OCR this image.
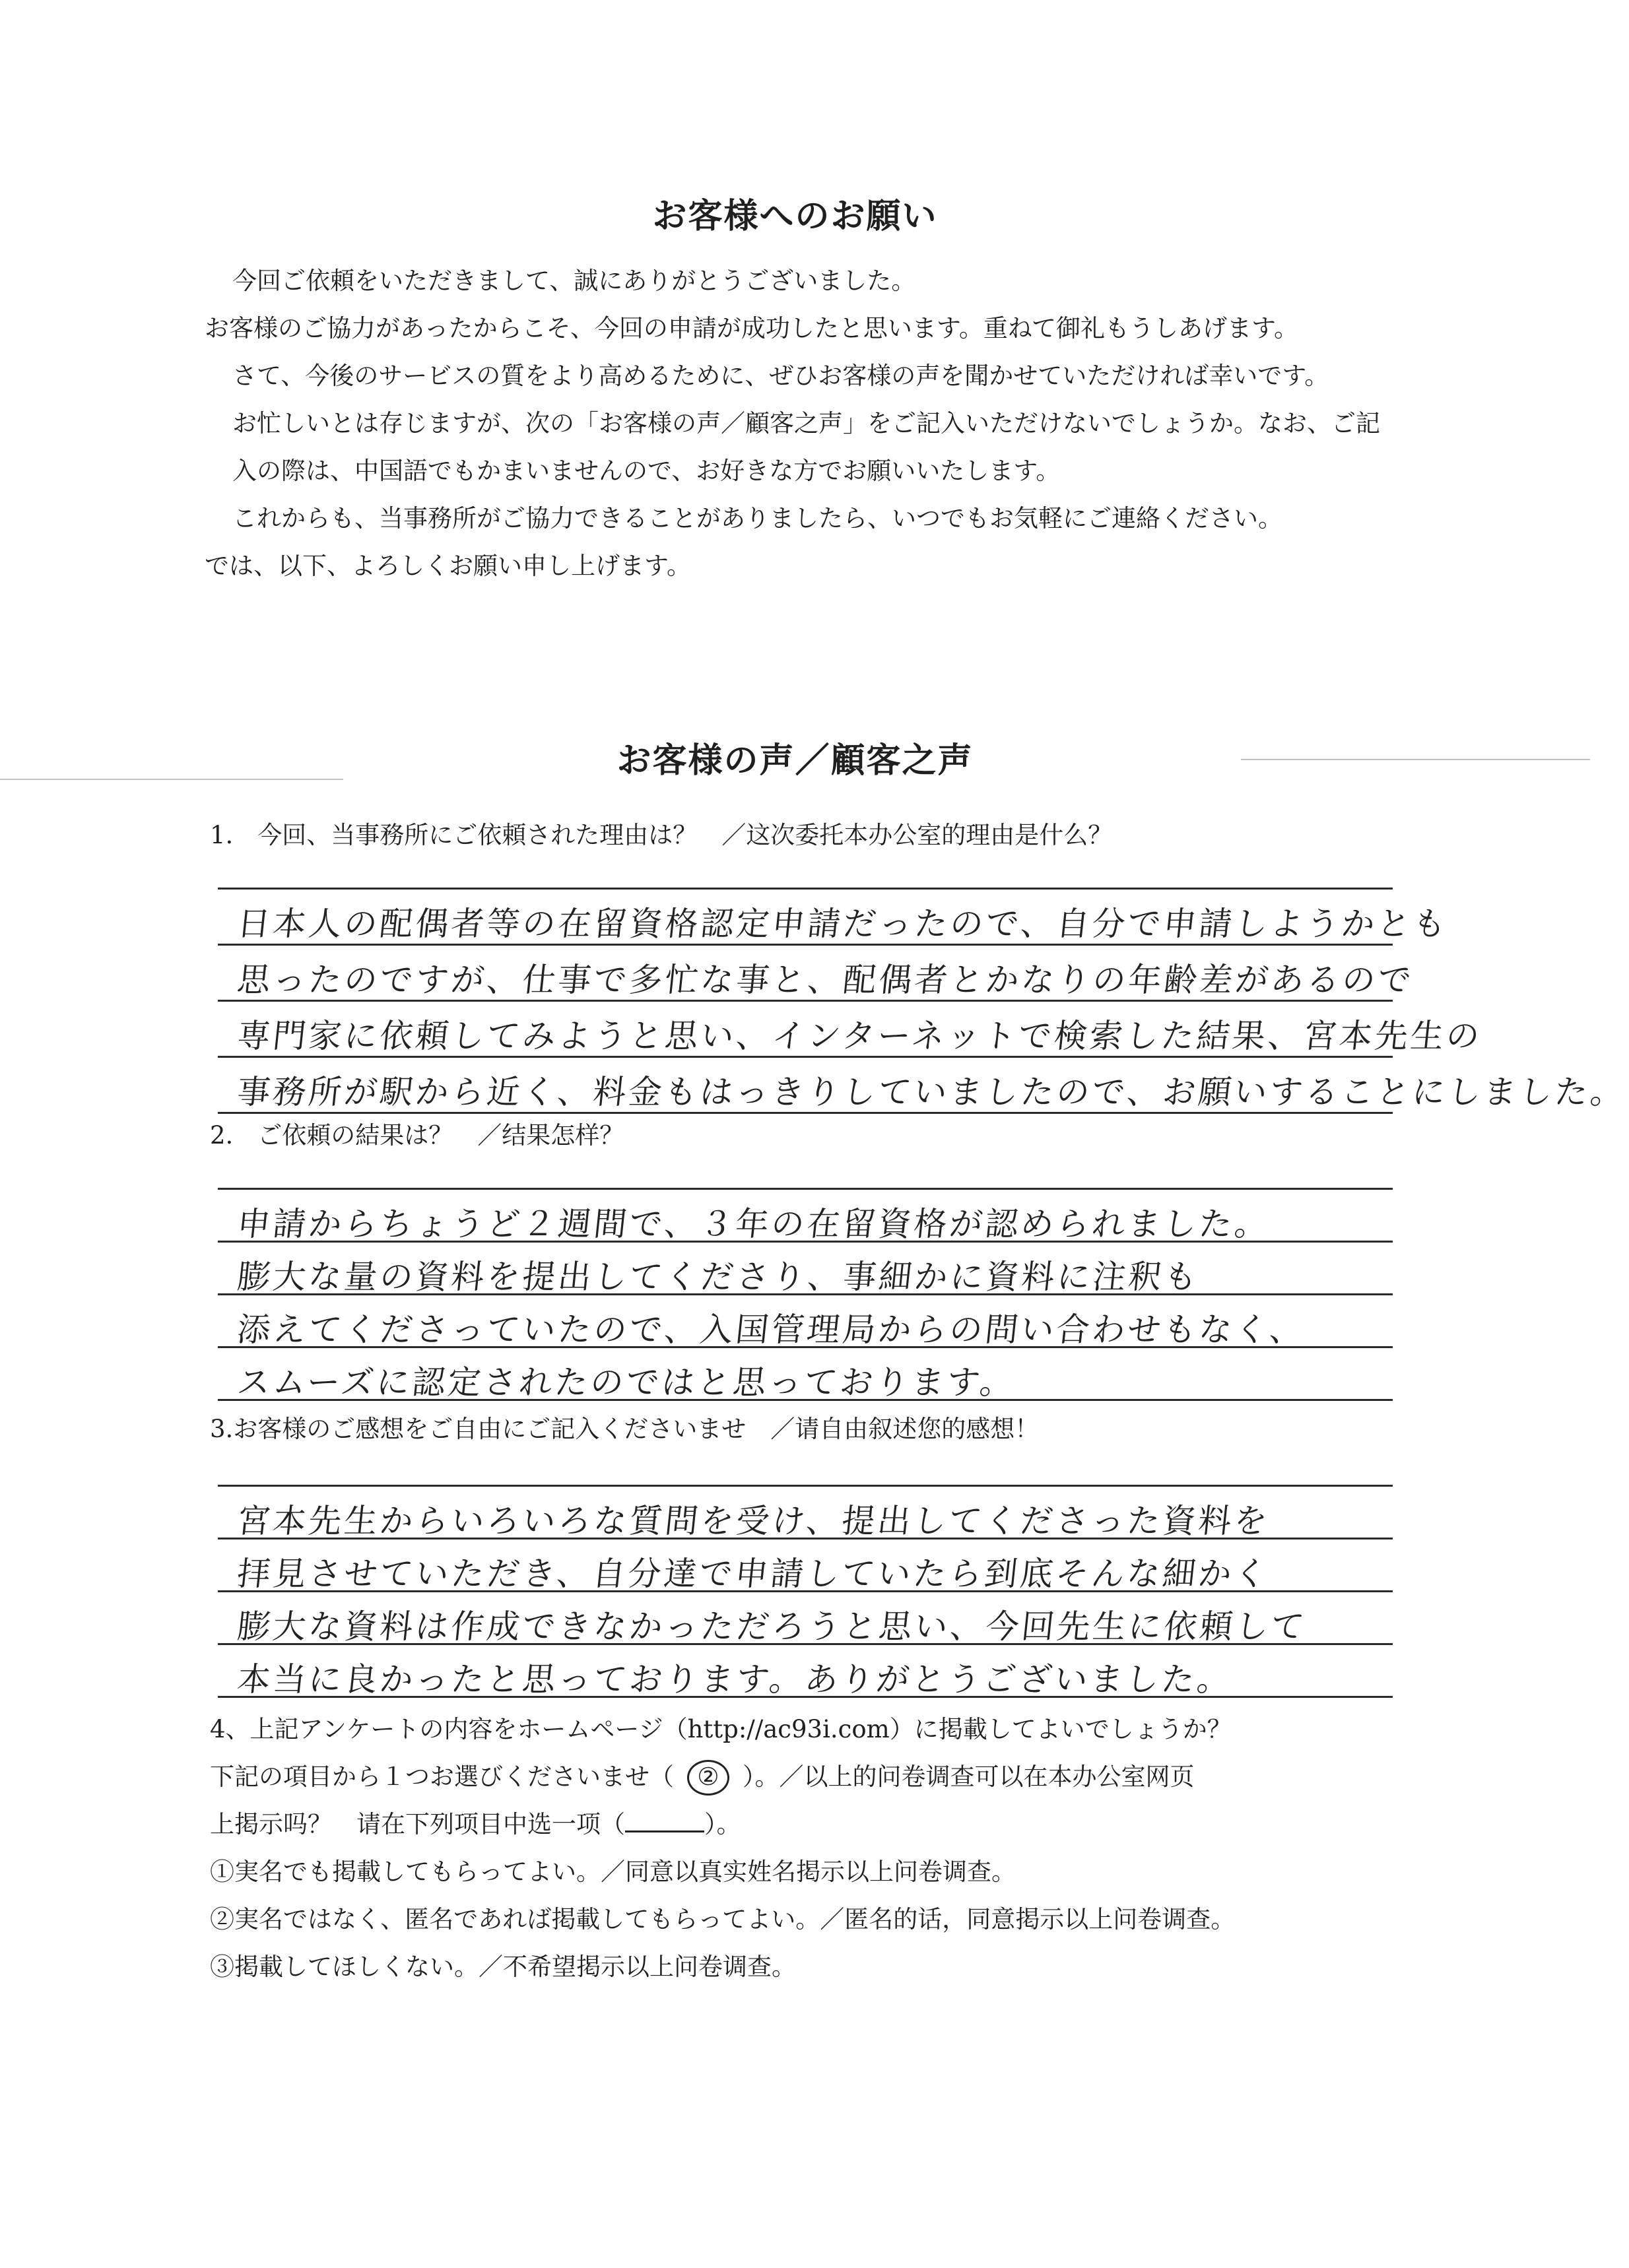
お客様へのお願い
今回ご依頼をいただきまして、誠にありがとうございました。
お客様のご協力があったからこそ、今回の申請が成功したと思います。重ねて御礼もうしあげます。
さて、今後のサービスの質をより高めるために、ぜひお客様の声を聞かせていただければ幸いです。
お忙しいとは存じますが、次の「お客様の声／顧客之声」をご記入いただけないでしょうか。なお、ご記入の際は、中国語でもかまいませんので、お好きな方でお願いいたします。
これからも、当事務所がご協力できることがありましたら、いつでもお気軽にご連絡ください。
では、以下、よろしくお願い申し上げます。
お客様の声／顧客之声
1.　今回、当事務所にご依頼された理由は？　／这次委托本办公室的理由是什么？
日本人の配偶者等の在留資格認定申請だったので、自分で申請しようかとも
思ったのですが、仕事で多忙な事と、配偶者とかなりの年齢差があるので
専門家に依頼してみようと思い、インターネットで検索した結果、宮本先生の
事務所が駅から近く、料金もはっきりしていましたので、お願いすることにしました。
2.　ご依頼の結果は？　／结果怎样？
申請からちょうど２週間で、３年の在留資格が認められました。
膨大な量の資料を提出してくださり、事細かに資料に注釈も
添えてくださっていたので、入国管理局からの問い合わせもなく、
スムーズに認定されたのではと思っております。
3.お客様のご感想をご自由にご記入くださいませ　／请自由叙述您的感想！
宮本先生からいろいろな質問を受け、提出してくださった資料を
拝見させていただき、自分達で申請していたら到底そんな細かく
膨大な資料は作成できなかっただろうと思い、今回先生に依頼して
本当に良かったと思っております。ありがとうございました。
4、上記アンケートの内容をホームページ（http://ac93i.com）に掲載してよいでしょうか？
下記の項目から１つお選びくださいませ（ ② ）。／以上的问卷调查可以在本办公室网页
上掲示吗？　请在下列项目中选一项（	）。
①実名でも掲載してもらってよい。／同意以真实姓名掲示以上问卷调查。
②実名ではなく、匿名であれば掲載してもらってよい。／匿名的话，同意掲示以上问卷调查。
③掲載してほしくない。／不希望掲示以上问卷调查。
